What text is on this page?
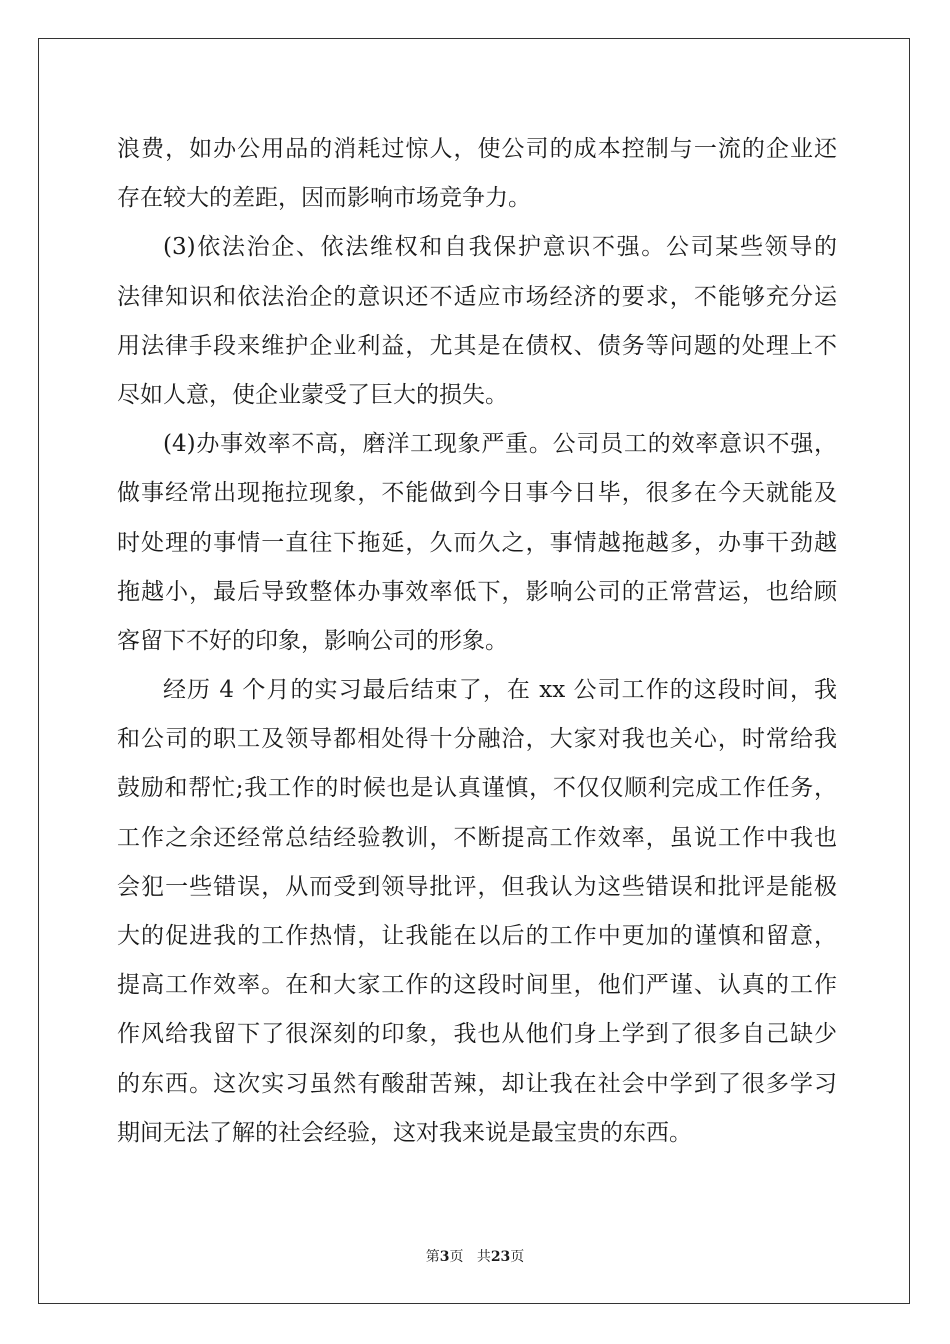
浪费，如办公用品的消耗过惊人，使公司的成本控制与一流的企业还
存在较大的差距，因而影响市场竞争力。
(3)依法治企、依法维权和自我保护意识不强。公司某些领导的
法律知识和依法治企的意识还不适应市场经济的要求，不能够充分运
用法律手段来维护企业利益，尤其是在债权、债务等问题的处理上不
尽如人意，使企业蒙受了巨大的损失。
(4)办事效率不高，磨洋工现象严重。公司员工的效率意识不强，
做事经常出现拖拉现象，不能做到今日事今日毕，很多在今天就能及
时处理的事情一直往下拖延，久而久之，事情越拖越多，办事干劲越
拖越小，最后导致整体办事效率低下，影响公司的正常营运，也给顾
客留下不好的印象，影响公司的形象。
经历 4 个月的实习最后结束了，在 xx 公司工作的这段时间，我
和公司的职工及领导都相处得十分融洽，大家对我也关心，时常给我
鼓励和帮忙;我工作的时候也是认真谨慎，不仅仅顺利完成工作任务，
工作之余还经常总结经验教训，不断提高工作效率，虽说工作中我也
会犯一些错误，从而受到领导批评，但我认为这些错误和批评是能极
大的促进我的工作热情，让我能在以后的工作中更加的谨慎和留意，
提高工作效率。在和大家工作的这段时间里，他们严谨、认真的工作
作风给我留下了很深刻的印象，我也从他们身上学到了很多自己缺少
的东西。这次实习虽然有酸甜苦辣，却让我在社会中学到了很多学习
期间无法了解的社会经验，这对我来说是最宝贵的东西。
第3页 共23页
